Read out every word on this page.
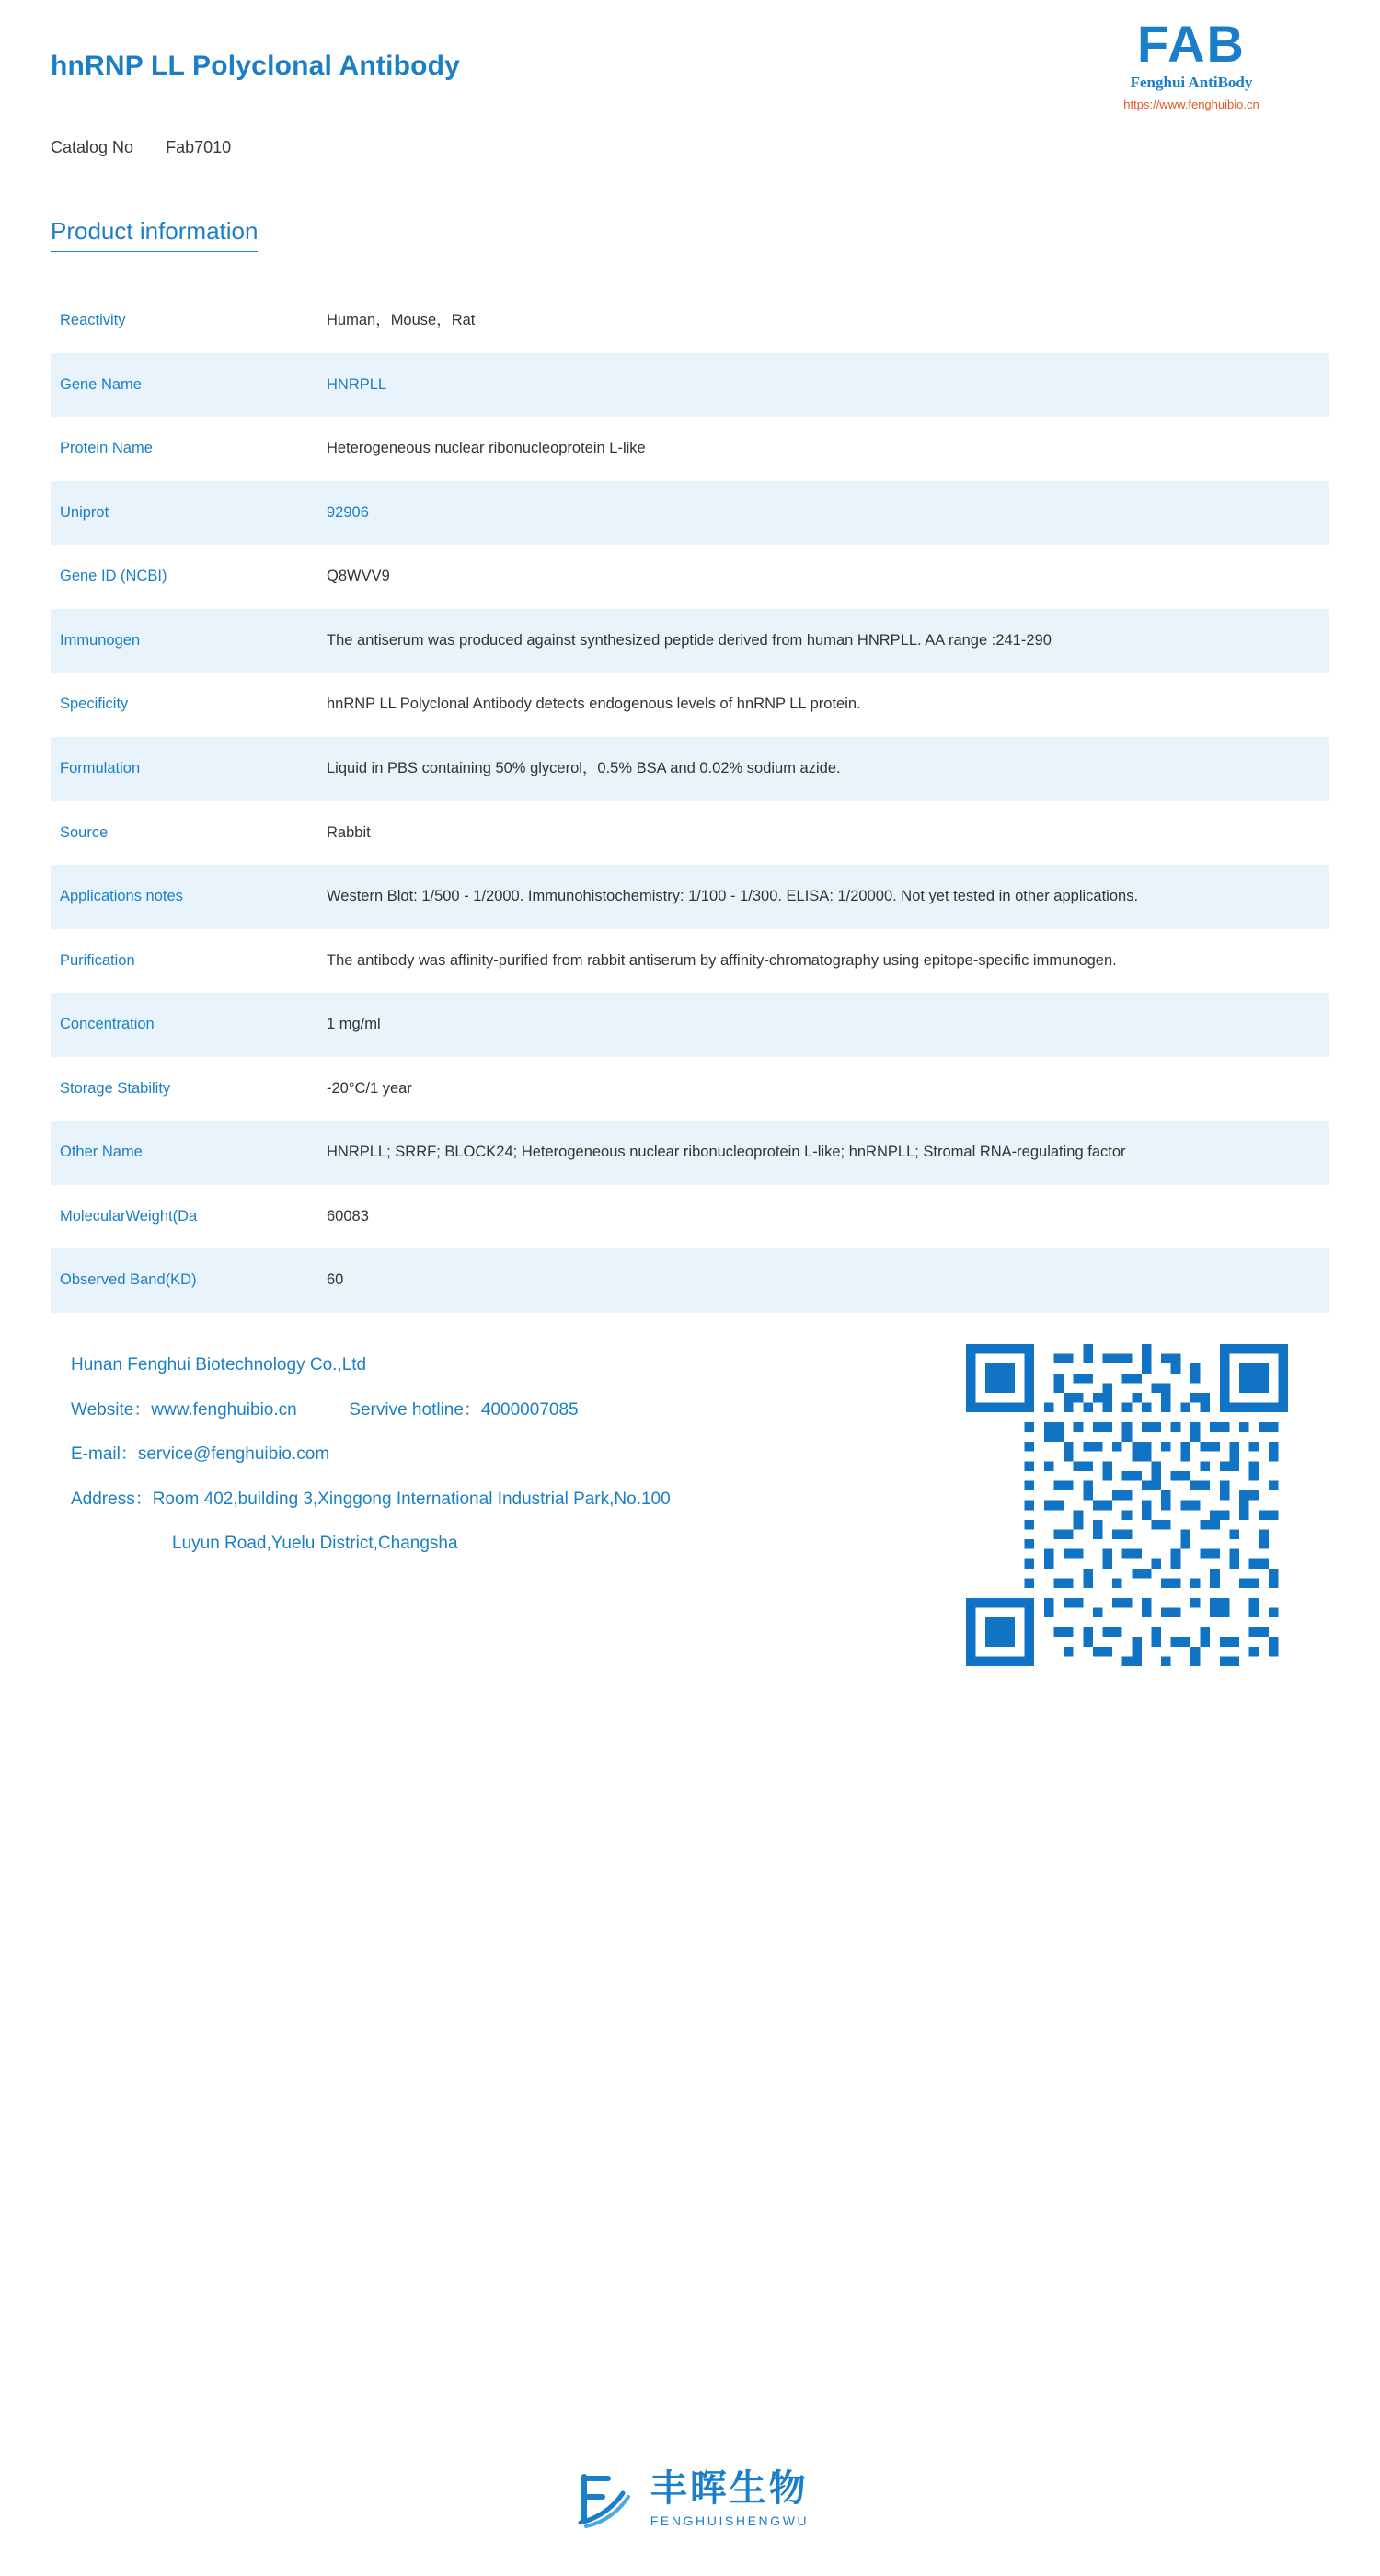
hnRNP LL Polyclonal Antibody	FAB
Fenghui AntiBody
https://www.fenghuibio.cn
Catalog No Fab7010
Product information
Reactivity	Human，Mouse，Rat
Gene Name	HNRPLL
Protein Name	Heterogeneous nuclear ribonucleoprotein L-like
Uniprot	92906
Gene ID (NCBI)	Q8WVV9
Immunogen	The antiserum was produced against synthesized peptide derived from human HNRPLL. AA range :241-290
Specificity	hnRNP LL Polyclonal Antibody detects endogenous levels of hnRNP LL protein.
Formulation	Liquid in PBS containing 50% glycerol，0.5% BSA and 0.02% sodium azide.
Source	Rabbit
Applications notes	Western Blot: 1/500 - 1/2000. Immunohistochemistry: 1/100 - 1/300. ELISA: 1/20000. Not yet tested in other applications.
Purification	The antibody was affinity-purified from rabbit antiserum by affinity-chromatography using epitope-specific immunogen.
Concentration	1 mg/ml
Storage Stability	-20°C/1 year
Other Name	HNRPLL; SRRF; BLOCK24; Heterogeneous nuclear ribonucleoprotein L-like; hnRNPLL; Stromal RNA-regulating factor
MolecularWeight(Da	60083
Observed Band(KD)	60
Hunan Fenghui Biotechnology Co.,Ltd
Website：www.fenghuibio.cn	Servive hotline：4000007085
E-mail：service@fenghuibio.com
Address：Room 402,building 3,Xinggong International Industrial Park,No.100
Luyun Road,Yuelu District,Changsha
丰晖生物
FENGHUISHENGWU
